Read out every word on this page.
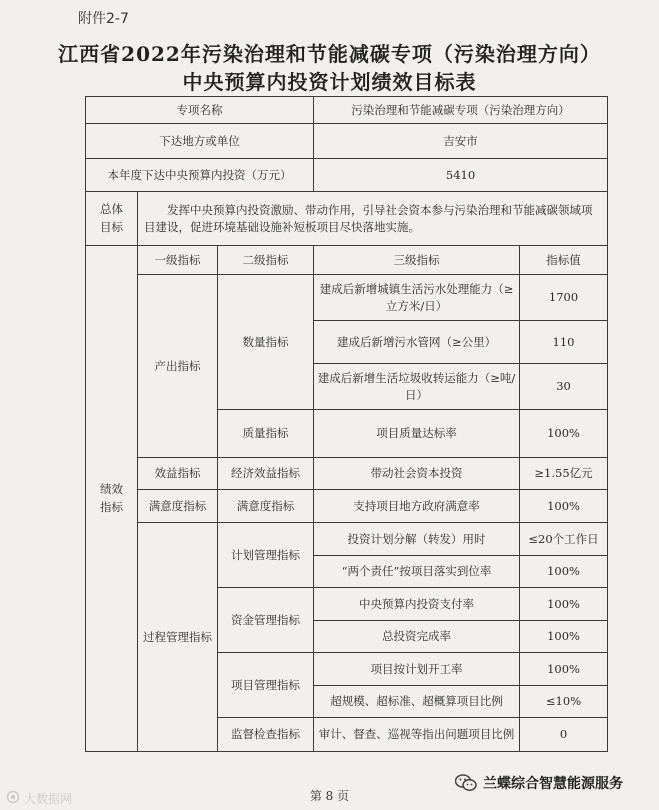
附件2-7
江西省2022年污染治理和节能减碳专项（污染治理方向）
中央预算内投资计划绩效目标表
专项名称			污染治理和节能减碳专项（污染治理方向）	
下达地方或单位			吉安市	
本年度下达中央预算内投资（万元）			5410	
总体目标	发挥中央预算内投资激励、带动作用，引导社会资本参与污染治理和节能减碳领域项目建设，促进环境基础设施补短板项目尽快落地实施。			
绩效指标	一级指标	二级指标	三级指标	指标值
	产出指标	数量指标	建成后新增城镇生活污水处理能力（≥立方米/日）	1700
			建成后新增污水管网（≥公里）	110
			建成后新增生活垃圾收转运能力（≥吨/日）	30
		质量指标	项目质量达标率	100%
	效益指标	经济效益指标	带动社会资本投资	≥1.55亿元
	满意度指标	满意度指标	支持项目地方政府满意率	100%
	过程管理指标	计划管理指标	投资计划分解（转发）用时	≤20个工作日
			“两个责任”按项目落实到位率	100%
		资金管理指标	中央预算内投资支付率	100%
			总投资完成率	100%
		项目管理指标	项目按计划开工率	100%
			超规模、超标准、超概算项目比例	≤10%
		监督检查指标	审计、督查、巡视等指出问题项目比例	0
第 8 页
兰蝶综合智慧能源服务
大数据网
